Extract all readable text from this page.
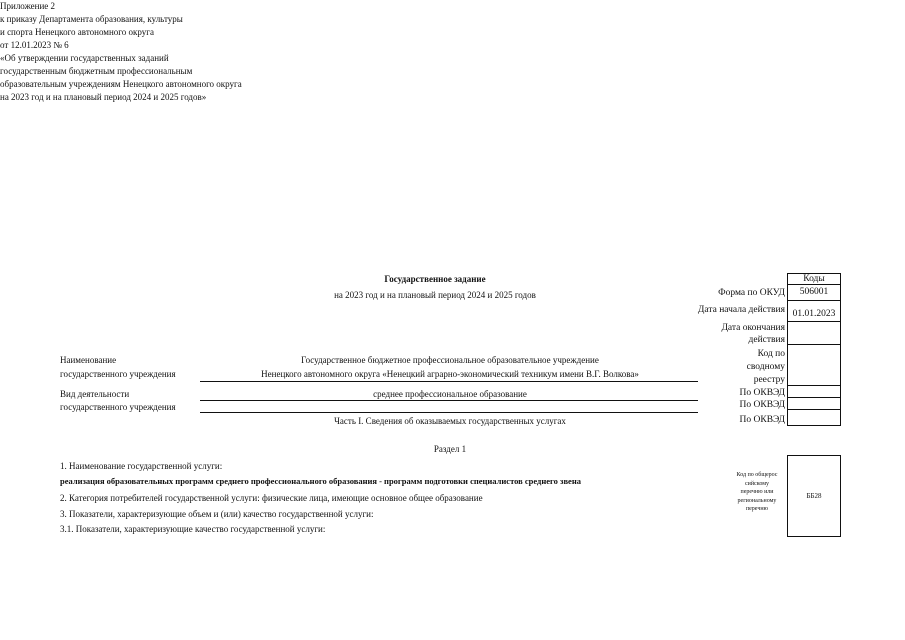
Приложение 2
к приказу Департамента образования, культуры
и спорта Ненецкого автономного округа
от 12.01.2023 № 6
«Об утверждении государственных заданий
государственным бюджетным профессиональным
образовательным учреждениям Ненецкого автономного округа
на 2023 год и на плановый период 2024 и 2025 годов»
Государственное задание
на 2023 год и на плановый период 2024 и 2025 годов
Коды
506001
01.01.2023
Форма по ОКУД
Дата начала действия
Дата окончания
действия
Код по
сводному
реестру
По ОКВЭД
По ОКВЭД
По ОКВЭД
Наименование
государственного учреждения
Государственное бюджетное профессиональное образовательное учреждение
Ненецкого автономного округа «Ненецкий аграрно-экономический техникум имени В.Г. Волкова»
Вид деятельности
государственного учреждения
среднее профессиональное образование
Часть I. Сведения об оказываемых государственных услугах
Раздел 1
1. Наименование государственной услуги:
реализация образовательных программ среднего профессионального образования - программ подготовки специалистов среднего звена
2. Категория потребителей государственной услуги: физические лица, имеющие основное общее образование
3. Показатели, характеризующие объем и (или) качество государственной услуги:
3.1. Показатели, характеризующие качество государственной услуги:
Код по общерос
сийскому
перечню или
региональному
перечню
ББ28
